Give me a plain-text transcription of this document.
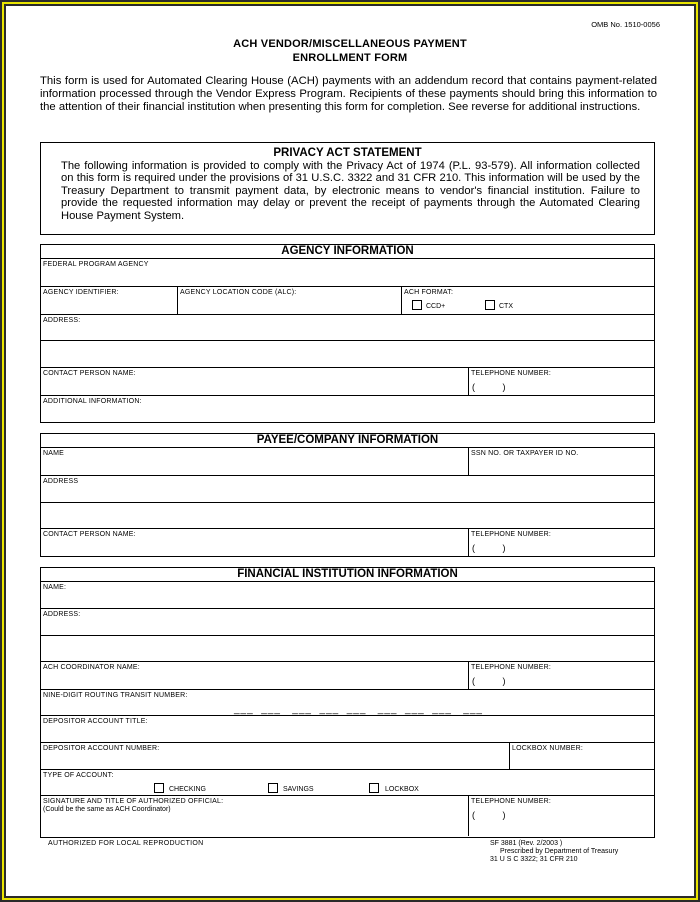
OMB No. 1510-0056
ACH VENDOR/MISCELLANEOUS PAYMENT
ENROLLMENT FORM
This form is used for Automated Clearing House (ACH) payments with an addendum record that contains payment-related information processed through the Vendor Express Program. Recipients of these payments should bring this information to the attention of their financial institution when presenting this form for completion. See reverse for additional instructions.
PRIVACY ACT STATEMENT
The following information is provided to comply with the Privacy Act of 1974 (P.L. 93-579). All information collected on this form is required under the provisions of 31 U.S.C. 3322 and 31 CFR 210. This information will be used by the Treasury Department to transmit payment data, by electronic means to vendor's financial institution. Failure to provide the requested information may delay or prevent the receipt of payments through the Automated Clearing House Payment System.
AGENCY INFORMATION
FEDERAL PROGRAM AGENCY
AGENCY IDENTIFIER:	AGENCY LOCATION CODE (ALC):	ACH FORMAT:
CCD+	CTX
ADDRESS:
CONTACT PERSON NAME:	TELEPHONE NUMBER:
(           )
ADDITIONAL INFORMATION:
PAYEE/COMPANY INFORMATION
NAME	SSN NO. OR TAXPAYER ID NO.
ADDRESS
CONTACT PERSON NAME:	TELEPHONE NUMBER:
(           )
FINANCIAL INSTITUTION INFORMATION
NAME:
ADDRESS:
ACH COORDINATOR NAME:	TELEPHONE NUMBER:
(           )
NINE-DIGIT ROUTING TRANSIT NUMBER:
___  ___   ___  ___  ___   ___  ___  ___   ___
DEPOSITOR ACCOUNT TITLE:
DEPOSITOR ACCOUNT NUMBER:	LOCKBOX NUMBER:
TYPE OF ACCOUNT:
CHECKING	SAVINGS	LOCKBOX
SIGNATURE AND TITLE OF AUTHORIZED OFFICIAL:
(Could be the same as ACH Coordinator)
TELEPHONE NUMBER:
(           )
AUTHORIZED FOR LOCAL REPRODUCTION	SF 3881 (Rev. 2/2003 )
Prescribed by Department of Treasury
31 U S C 3322; 31 CFR 210
